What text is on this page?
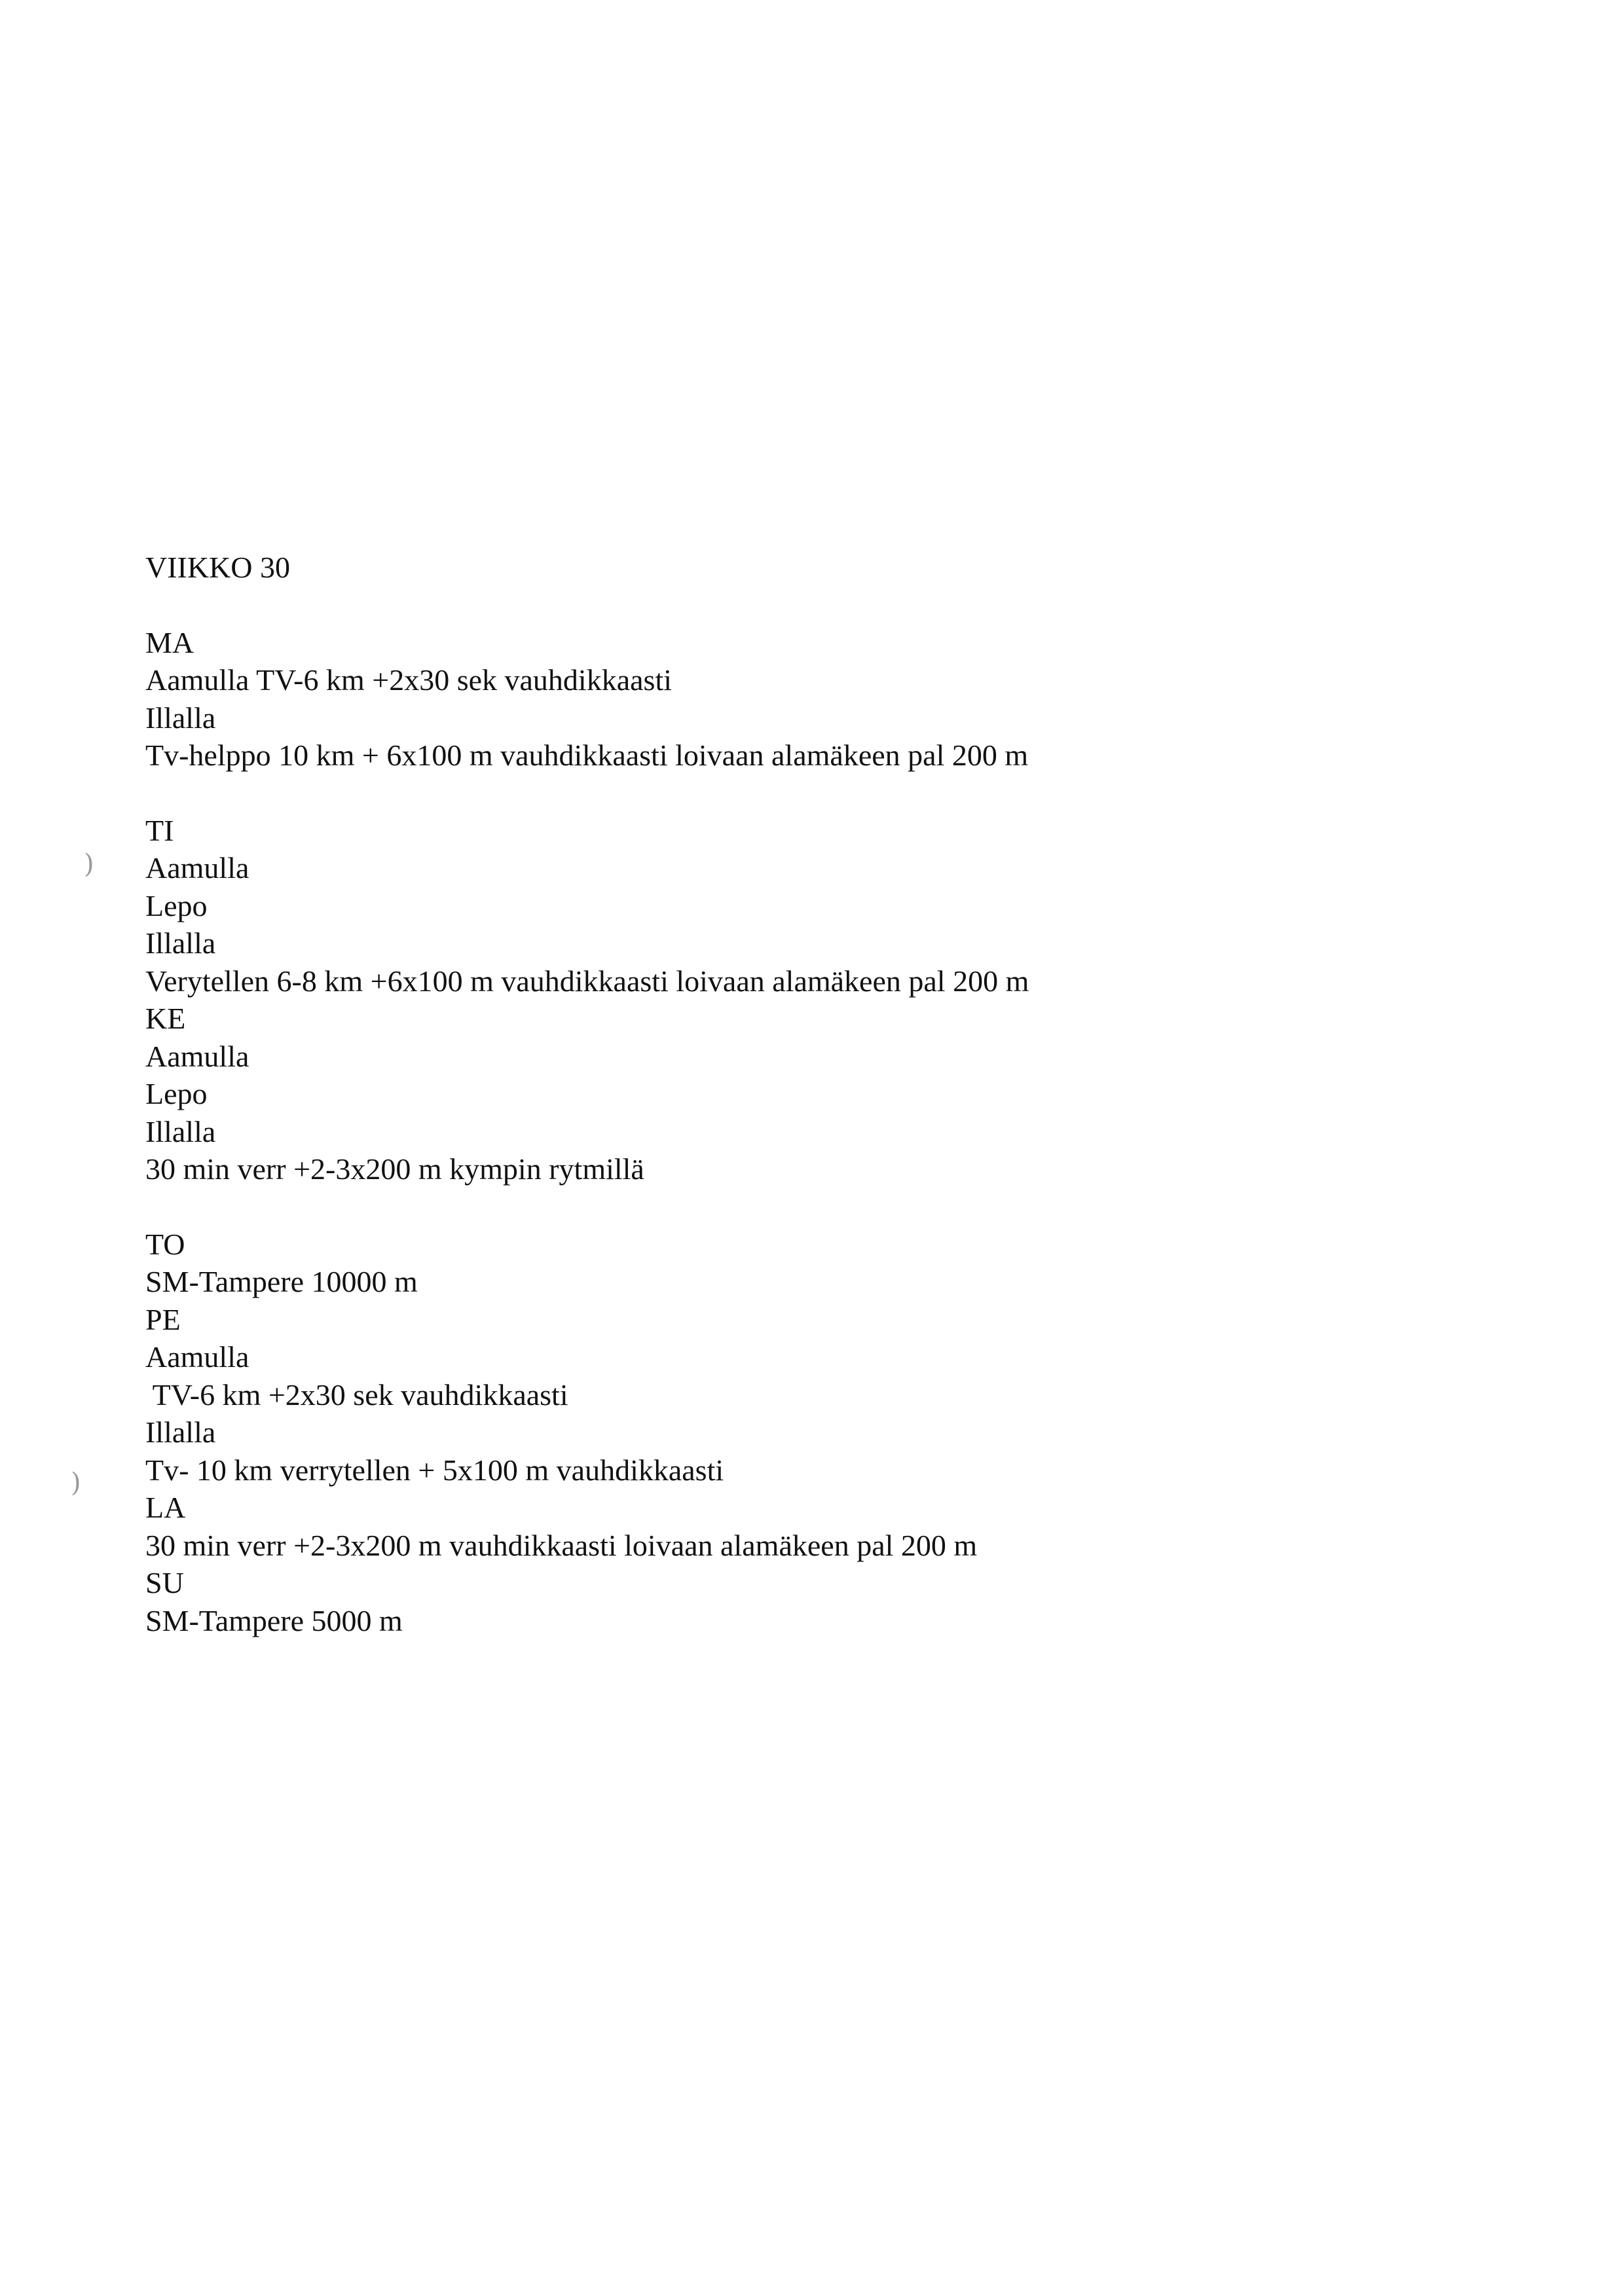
VIIKKO 30
MA
Aamulla TV-6 km +2x30 sek vauhdikkaasti
Illalla
Tv-helppo 10 km + 6x100 m vauhdikkaasti loivaan alamäkeen pal 200 m
TI
Aamulla
Lepo
Illalla
Verytellen 6-8 km +6x100 m vauhdikkaasti loivaan alamäkeen pal 200 m
KE
Aamulla
Lepo
Illalla
30 min verr +2-3x200 m kympin rytmillä
TO
SM-Tampere 10000 m
PE
Aamulla
TV-6 km +2x30 sek vauhdikkaasti
Illalla
Tv- 10 km verrytellen + 5x100 m vauhdikkaasti
LA
30 min verr +2-3x200 m vauhdikkaasti loivaan alamäkeen pal 200 m
SU
SM-Tampere 5000 m
)
)
